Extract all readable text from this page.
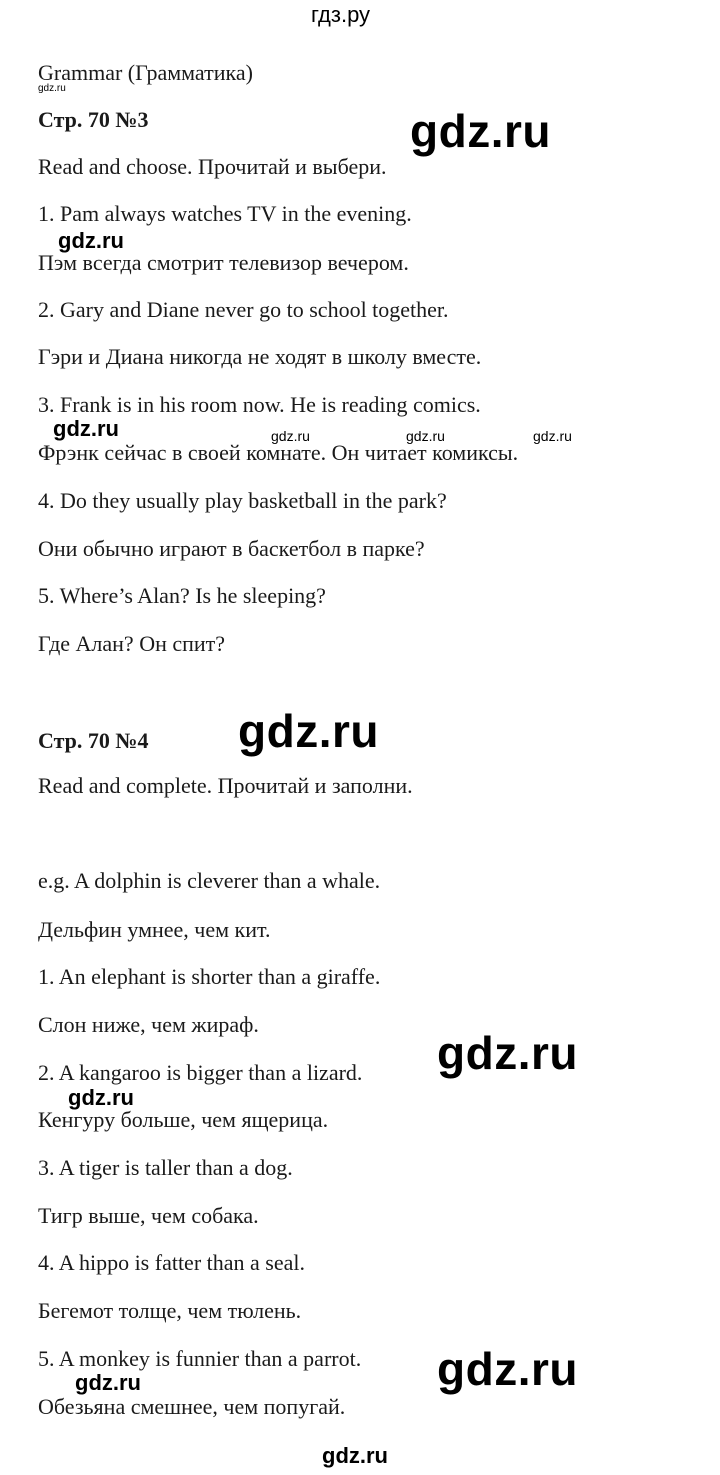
гдз.ру
Grammar (Грамматика)
gdz.ru
Стр. 70 №3
Read and choose. Прочитай и выбери.
1. Pam always watches TV in the evening.
Пэм всегда смотрит телевизор вечером.
2. Gary and Diane never go to school together.
Гэри и Диана никогда не ходят в школу вместе.
3. Frank is in his room now. He is reading comics.
Фрэнк сейчас в своей комнате. Он читает комиксы.
4. Do they usually play basketball in the park?
Они обычно играют в баскетбол в парке?
5. Where’s Alan? Is he sleeping?
Где Алан? Он спит?
Стр. 70 №4
Read and complete. Прочитай и заполни.
e.g. A dolphin is cleverer than a whale.
Дельфин умнее, чем кит.
1. An elephant is shorter than a giraffe.
Слон ниже, чем жираф.
2. A kangaroo is bigger than a lizard.
Кенгуру больше, чем ящерица.
3. A tiger is taller than a dog.
Тигр выше, чем собака.
4. A hippo is fatter than a seal.
Бегемот толще, чем тюлень.
5. A monkey is funnier than a parrot.
Обезьяна смешнее, чем попугай.
gdz.ru
gdz.ru
gdz.ru	gdz.ru	gdz.ru	gdz.ru
gdz.ru
gdz.ru
gdz.ru
gdz.ru
gdz.ru
gdz.ru
